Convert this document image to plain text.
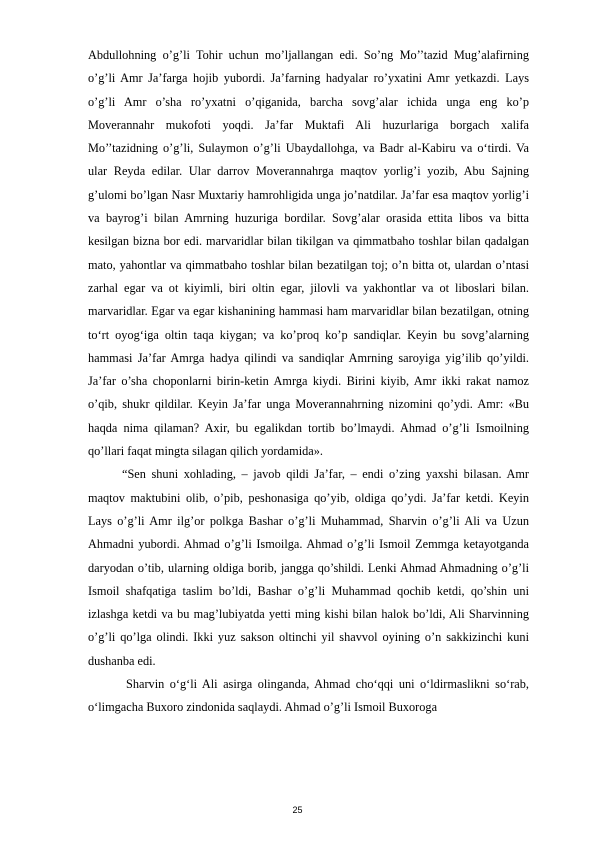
Abdullohning o’g’li Tohir uchun mo’ljallangan edi. So’ng Mo’’tazid Mug’alafirning o’g’li Amr Ja’farga hojib yubordi. Ja’farning hadyalar ro’yxatini Amr yetkazdi. Lays o’g’li Amr o’sha ro’yxatni o’qiganida, barcha sovg’alar ichida unga eng ko’p Moverannahr mukofoti yoqdi. Ja’far Muktafi Ali huzurlariga borgach xalifa Mo’’tazidning o’g’li, Sulaymon o’g’li Ubaydallohga, va Badr al-Kabiru va o‘tirdi. Va ular Reyda edilar. Ular darrov Moverannahrga maqtov yorlig’i yozib, Abu Sajning g’ulomi bo’lgan Nasr Muxtariy hamrohligida unga jo’natdilar. Ja’far esa maqtov yorlig’i va bayrog’i bilan Amrning huzuriga bordilar. Sovg’alar orasida ettita libos va bitta kesilgan bizna bor edi. marvaridlar bilan tikilgan va qimmatbaho toshlar bilan qadalgan mato, yahontlar va qimmatbaho toshlar bilan bezatilgan toj; o’n bitta ot, ulardan o’ntasi zarhal egar va ot kiyimli, biri oltin egar, jilovli va yakhontlar va ot liboslari bilan. marvaridlar. Egar va egar kishanining hammasi ham marvaridlar bilan bezatilgan, otning to‘rt oyog‘iga oltin taqa kiygan; va ko’proq ko’p sandiqlar. Keyin bu sovg’alarning hammasi Ja’far Amrga hadya qilindi va sandiqlar Amrning saroyiga yig’ilib qo’yildi. Ja’far o’sha choponlarni birin-ketin Amrga kiydi. Birini kiyib, Amr ikki rakat namoz o’qib, shukr qildilar. Keyin Ja’far unga Moverannahrning nizomini qo’ydi. Amr: «Bu haqda nima qilaman? Axir, bu egalikdan tortib bo’lmaydi. Ahmad o’g’li Ismoilning qo’llari faqat mingta silagan qilich yordamida».

“Sen shuni xohlading, – javob qildi Ja’far, – endi o’zing yaxshi bilasan. Amr maqtov maktubini olib, o’pib, peshonasiga qo’yib, oldiga qo’ydi. Ja’far ketdi. Keyin Lays o’g’li Amr ilg’or polkga Bashar o’g’li Muhammad, Sharvin o’g’li Ali va Uzun Ahmadni yubordi. Ahmad o’g’li Ismoilga. Ahmad o’g’li Ismoil Zemmga ketayotganda daryodan o’tib, ularning oldiga borib, jangga qo’shildi. Lenki Ahmad Ahmadning o’g’li Ismoil shafqatiga taslim bo’ldi, Bashar o’g’li Muhammad qochib ketdi, qo’shin uni izlashga ketdi va bu mag’lubiyatda yetti ming kishi bilan halok bo’ldi, Ali Sharvinning o’g’li qo’lga olindi. Ikki yuz sakson oltinchi yil shavvol oyining o’n sakkizinchi kuni dushanba edi.

Sharvin o‘g‘li Ali asirga olinganda, Ahmad cho‘qqi uni o‘ldirmaslikni so‘rab, o‘limgacha Buxoro zindonida saqlaydi. Ahmad o’g’li Ismoil Buxoroga

25
